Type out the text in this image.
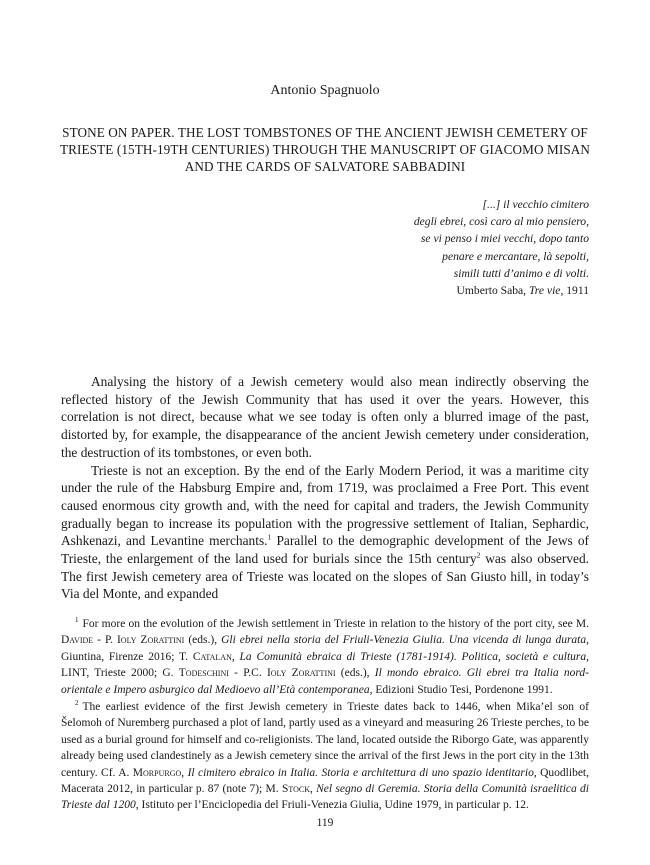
Antonio Spagnuolo
STONE ON PAPER. THE LOST TOMBSTONES OF THE ANCIENT JEWISH CEMETERY OF TRIESTE (15TH-19TH CENTURIES) THROUGH THE MANUSCRIPT OF GIACOMO MISAN AND THE CARDS OF SALVATORE SABBADINI
[...] il vecchio cimitero
degli ebrei, così caro al mio pensiero,
se vi penso i miei vecchi, dopo tanto
penare e mercantare, là sepolti,
simili tutti d’animo e di volti.
Umberto Saba, Tre vie, 1911

Analysing the history of a Jewish cemetery would also mean indirectly observing the reflected history of the Jewish Community that has used it over the years. However, this correlation is not direct, because what we see today is often only a blurred image of the past, distorted by, for example, the disappearance of the ancient Jewish cemetery under consideration, the destruction of its tombstones, or even both.

Trieste is not an exception. By the end of the Early Modern Period, it was a maritime city under the rule of the Habsburg Empire and, from 1719, was proclaimed a Free Port. This event caused enormous city growth and, with the need for capital and traders, the Jewish Community gradually began to increase its population with the progressive settlement of Italian, Sephardic, Ashkenazi, and Levantine merchants.$^1$ Parallel to the demographic development of the Jews of Trieste, the enlargement of the land used for burials since the 15th century$^2$ was also observed. The first Jewish cemetery area of Trieste was located on the slopes of San Giusto hill, in today’s Via del Monte, and expanded

$^1$ For more on the evolution of the Jewish settlement in Trieste in relation to the history of the port city, see M. Davide - P. Ioly Zorattini (eds.), Gli ebrei nella storia del Friuli-Venezia Giulia. Una vicenda di lunga durata, Giuntina, Firenze 2016; T. Catalan, La Comunità ebraica di Trieste (1781-1914). Politica, società e cultura, LINT, Trieste 2000; G. Todeschini - P.C. Ioly Zorattini (eds.), Il mondo ebraico. Gli ebrei tra Italia nord-orientale e Impero asburgico dal Medioevo all’Età contemporanea, Edizioni Studio Tesi, Pordenone 1991.

$^2$ The earliest evidence of the first Jewish cemetery in Trieste dates back to 1446, when Mika’el son of Šelomoh of Nuremberg purchased a plot of land, partly used as a vineyard and measuring 26 Trieste perches, to be used as a burial ground for himself and co-religionists. The land, located outside the Riborgo Gate, was apparently already being used clandestinely as a Jewish cemetery since the arrival of the first Jews in the port city in the 13th century. Cf. A. Morpurgo, Il cimitero ebraico in Italia. Storia e architettura di uno spazio identitario, Quodlibet, Macerata 2012, in particular p. 87 (note 7); M. Stock, Nel segno di Geremia. Storia della Comunità israelitica di Trieste dal 1200, Istituto per l’Enciclopedia del Friuli-Venezia Giulia, Udine 1979, in particular p. 12.

119
